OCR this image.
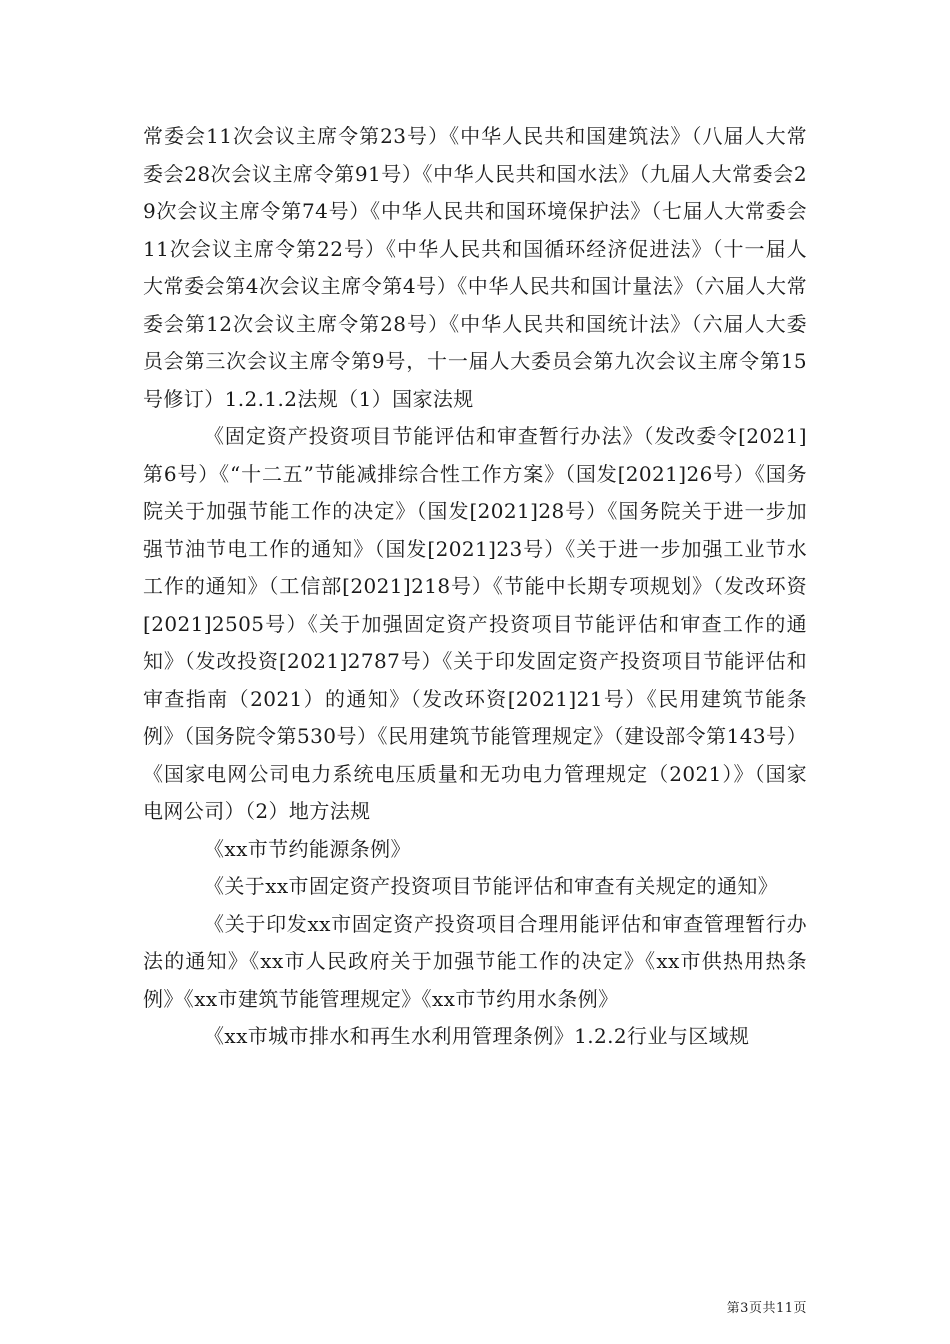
常委会11次会议主席令第23号）《中华人民共和国建筑法》（八届人大常委会28次会议主席令第91号）《中华人民共和国水法》（九届人大常委会29次会议主席令第74号）《中华人民共和国环境保护法》（七届人大常委会11次会议主席令第22号）《中华人民共和国循环经济促进法》（十一届人大常委会第4次会议主席令第4号）《中华人民共和国计量法》（六届人大常委会第12次会议主席令第28号）《中华人民共和国统计法》（六届人大委员会第三次会议主席令第9号，十一届人大委员会第九次会议主席令第15号修订）1.2.1.2法规（1）国家法规

《固定资产投资项目节能评估和审查暂行办法》（发改委令[2021]第6号）《“十二五”节能减排综合性工作方案》（国发[2021]26号）《国务院关于加强节能工作的决定》（国发[2021]28号）《国务院关于进一步加强节油节电工作的通知》（国发[2021]23号）《关于进一步加强工业节水工作的通知》（工信部[2021]218号）《节能中长期专项规划》（发改环资[2021]2505号）《关于加强固定资产投资项目节能评估和审查工作的通知》（发改投资[2021]2787号）《关于印发固定资产投资项目节能评估和审查指南（2021）的通知》（发改环资[2021]21号）《民用建筑节能条例》（国务院令第530号）《民用建筑节能管理规定》（建设部令第143号）《国家电网公司电力系统电压质量和无功电力管理规定（2021）》（国家电网公司）（2）地方法规

《xx市节约能源条例》

《关于xx市固定资产投资项目节能评估和审查有关规定的通知》

《关于印发xx市固定资产投资项目合理用能评估和审查管理暂行办法的通知》《xx市人民政府关于加强节能工作的决定》《xx市供热用热条例》《xx市建筑节能管理规定》《xx市节约用水条例》

《xx市城市排水和再生水利用管理条例》1.2.2行业与区域规

第3页共11页
